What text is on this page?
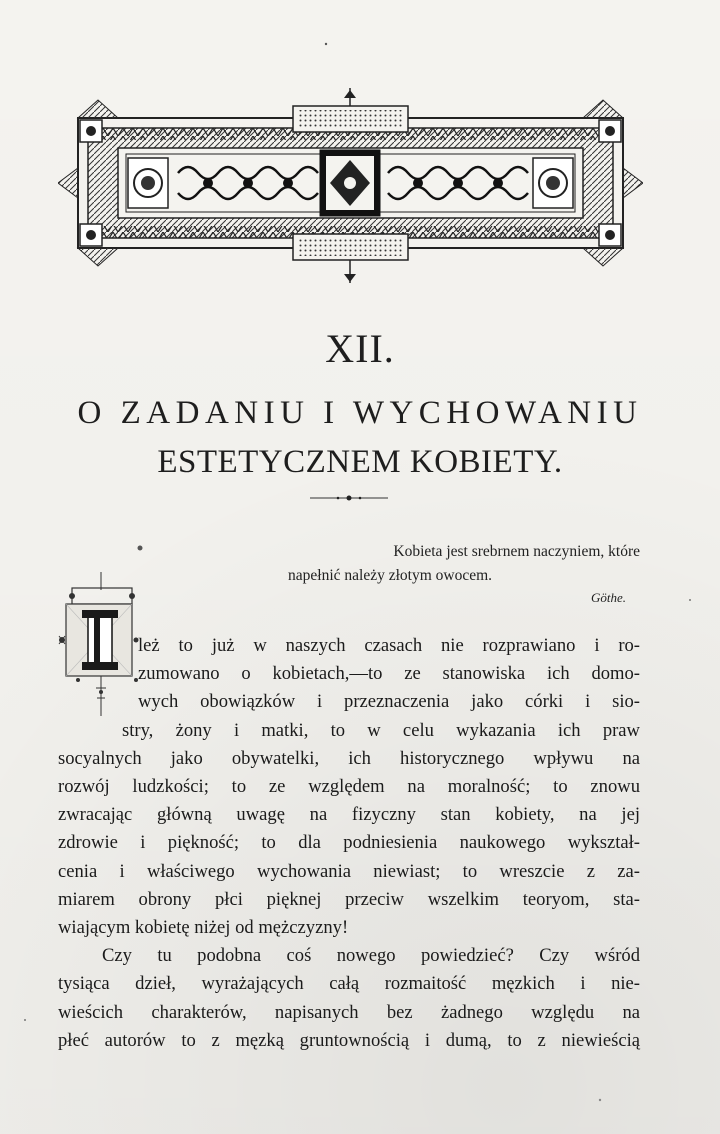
XII.
O ZADANIU I WYCHOWANIU
ESTETYCZNEM KOBIETY.
Kobieta jest srebrnem naczyniem, które
napełnić należy złotym owocem.
Göthe.
leż to już w naszych czasach nie rozprawiano i ro-
zumowano o kobietach,—to ze stanowiska ich domo-
wych obowiązków i przeznaczenia jako córki i sio-
stry, żony i matki, to w celu wykazania ich praw
socyalnych jako obywatelki, ich historycznego wpływu na
rozwój ludzkości; to ze względem na moralność; to znowu
zwracając główną uwagę na fizyczny stan kobiety, na jej
zdrowie i piękność; to dla podniesienia naukowego wykształ-
cenia i właściwego wychowania niewiast; to wreszcie z za-
miarem obrony płci pięknej przeciw wszelkim teoryom, sta-
wiającym kobietę niżej od mężczyzny!
Czy tu podobna coś nowego powiedzieć? Czy wśród
tysiąca dzieł, wyrażających całą rozmaitość męzkich i nie-
wieścich charakterów, napisanych bez żadnego względu na
płeć autorów to z męzką gruntownością i dumą, to z niewieścią
